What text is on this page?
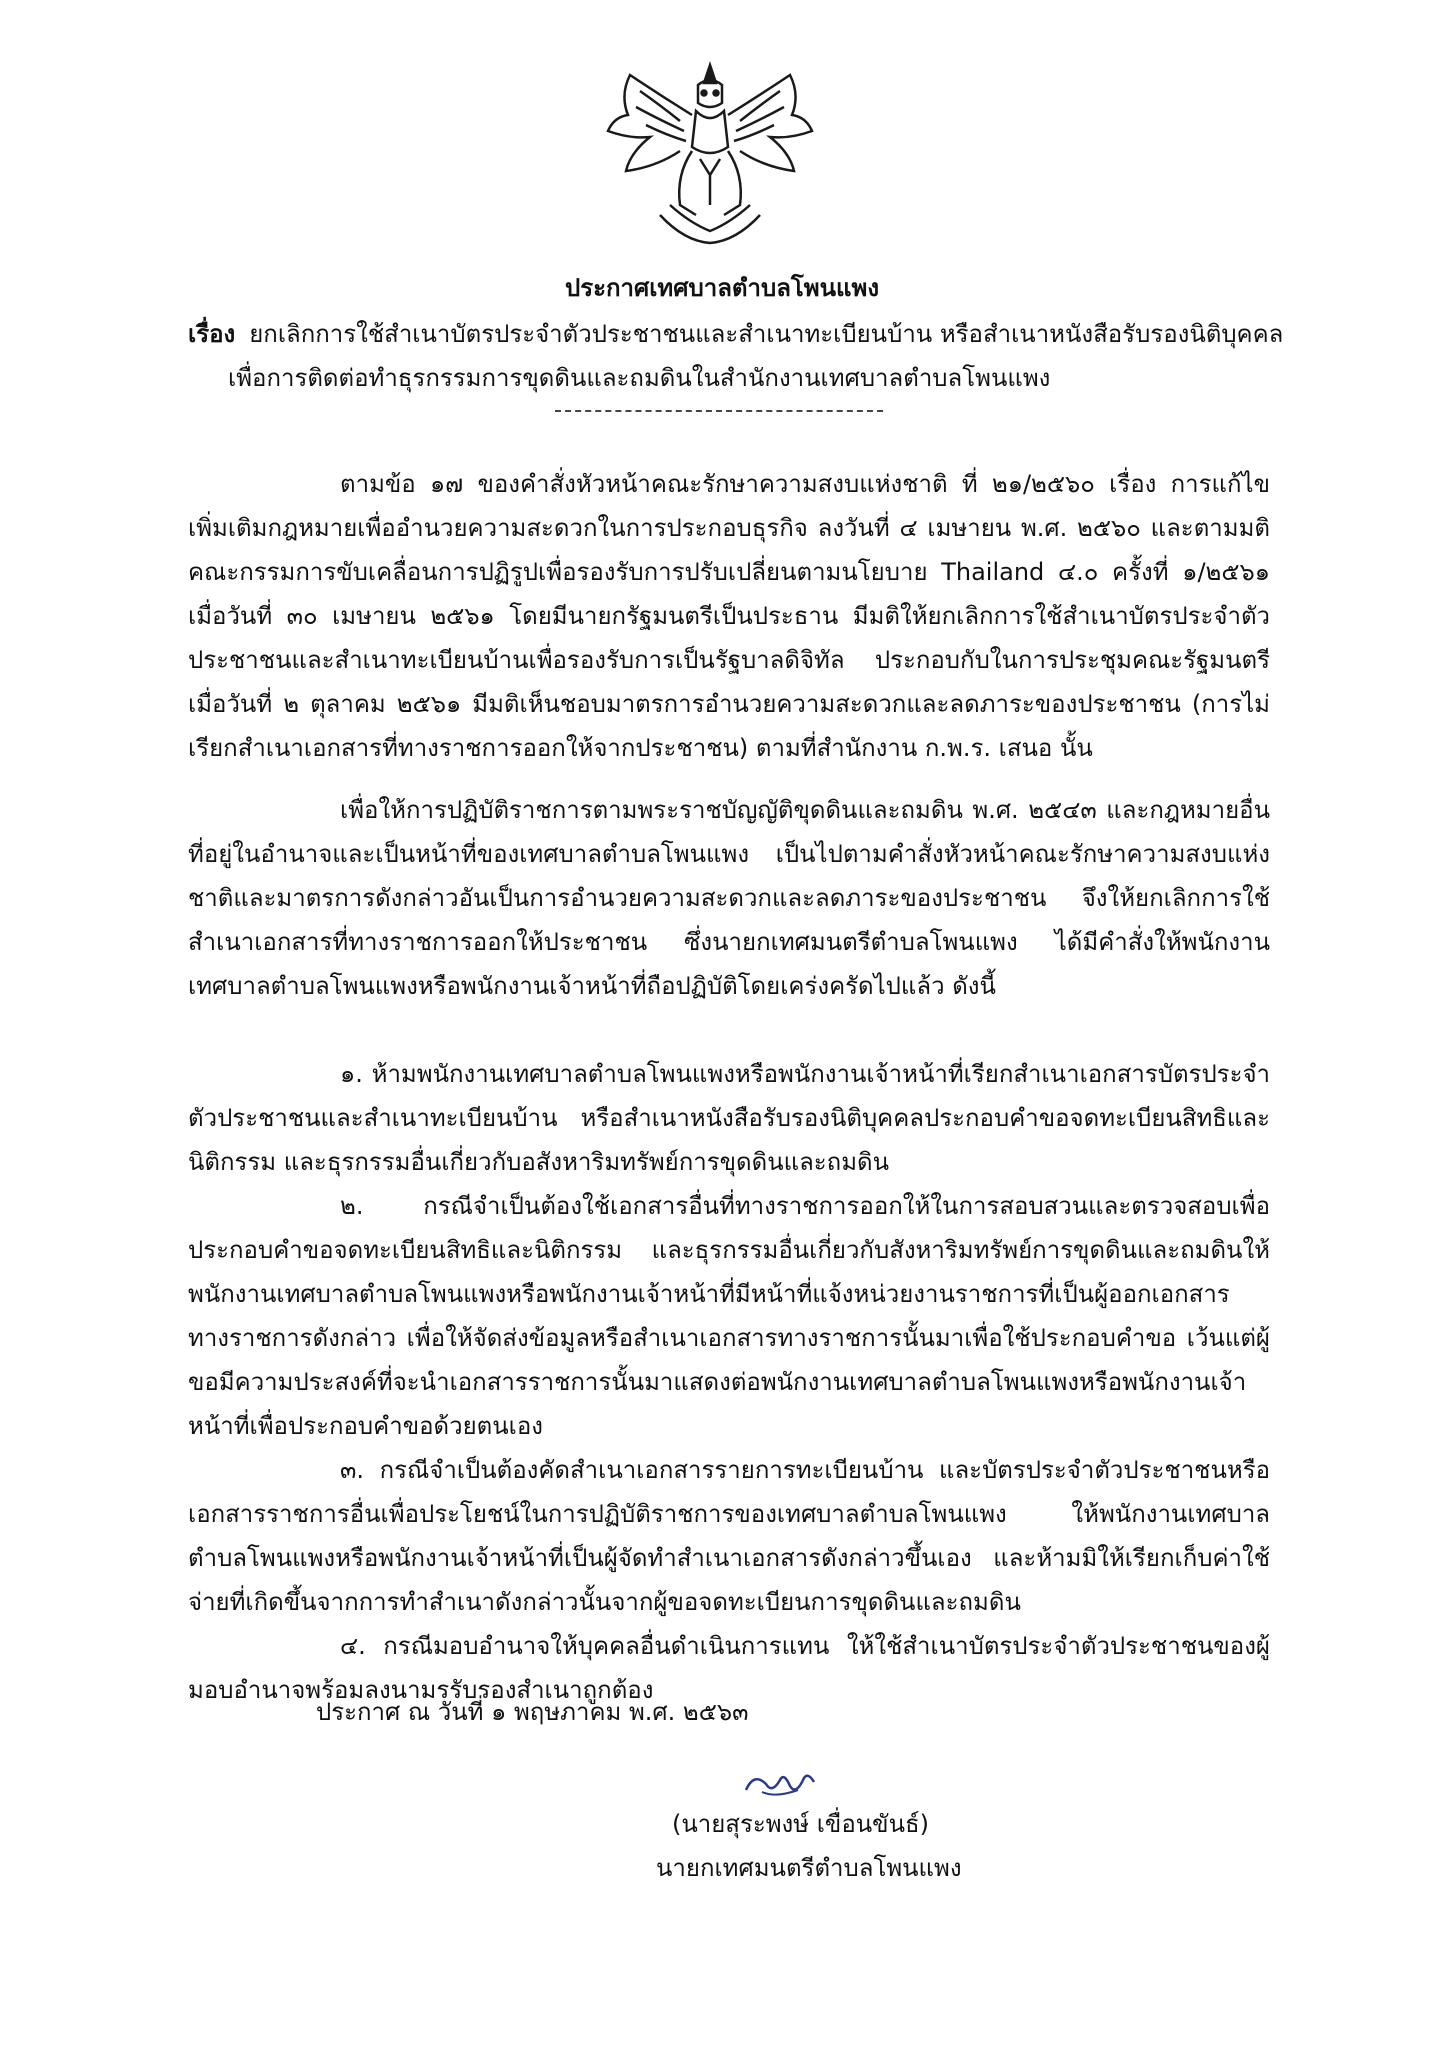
ประกาศเทศบาลตำบลโพนแพง
เรื่อง ยกเลิกการใช้สำเนาบัตรประจำตัวประชาชนและสำเนาทะเบียนบ้าน หรือสำเนาหนังสือรับรองนิติบุคคล
เพื่อการติดต่อทำธุรกรรมการขุดดินและถมดินในสำนักงานเทศบาลตำบลโพนแพง

ตามข้อ ๑๗ ของคำสั่งหัวหน้าคณะรักษาความสงบแห่งชาติ ที่ ๒๑/๒๕๖๐ เรื่อง การแก้ไขเพิ่มเติมกฎหมายเพื่ออำนวยความสะดวกในการประกอบธุรกิจ ลงวันที่ ๔ เมษายน พ.ศ. ๒๕๖๐ และตามมติคณะกรรมการขับเคลื่อนการปฏิรูปเพื่อรองรับการปรับเปลี่ยนตามนโยบาย Thailand ๔.๐ ครั้งที่ ๑/๒๕๖๑ เมื่อวันที่ ๓๐ เมษายน ๒๕๖๑ โดยมีนายกรัฐมนตรีเป็นประธาน มีมติให้ยกเลิกการใช้สำเนาบัตรประจำตัวประชาชนและสำเนาทะเบียนบ้านเพื่อรองรับการเป็นรัฐบาลดิจิทัล ประกอบกับในการประชุมคณะรัฐมนตรีเมื่อวันที่ ๒ ตุลาคม ๒๕๖๑ มีมติเห็นชอบมาตรการอำนวยความสะดวกและลดภาระของประชาชน (การไม่เรียกสำเนาเอกสารที่ทางราชการออกให้จากประชาชน) ตามที่สำนักงาน ก.พ.ร. เสนอ นั้น

เพื่อให้การปฏิบัติราชการตามพระราชบัญญัติขุดดินและถมดิน พ.ศ. ๒๕๔๓ และกฎหมายอื่นที่อยู่ในอำนาจและเป็นหน้าที่ของเทศบาลตำบลโพนแพง เป็นไปตามคำสั่งหัวหน้าคณะรักษาความสงบแห่งชาติและมาตรการดังกล่าวอันเป็นการอำนวยความสะดวกและลดภาระของประชาชน จึงให้ยกเลิกการใช้สำเนาเอกสารที่ทางราชการออกให้ประชาชน ซึ่งนายกเทศมนตรีตำบลโพนแพง ได้มีคำสั่งให้พนักงานเทศบาลตำบลโพนแพงหรือพนักงานเจ้าหน้าที่ถือปฏิบัติโดยเคร่งครัดไปแล้ว ดังนี้

๑. ห้ามพนักงานเทศบาลตำบลโพนแพงหรือพนักงานเจ้าหน้าที่เรียกสำเนาเอกสารบัตรประจำตัวประชาชนและสำเนาทะเบียนบ้าน หรือสำเนาหนังสือรับรองนิติบุคคลประกอบคำขอจดทะเบียนสิทธิและนิติกรรม และธุรกรรมอื่นเกี่ยวกับอสังหาริมทรัพย์การขุดดินและถมดิน

๒. กรณีจำเป็นต้องใช้เอกสารอื่นที่ทางราชการออกให้ในการสอบสวนและตรวจสอบเพื่อประกอบคำขอจดทะเบียนสิทธิและนิติกรรม และธุรกรรมอื่นเกี่ยวกับสังหาริมทรัพย์การขุดดินและถมดินให้พนักงานเทศบาลตำบลโพนแพงหรือพนักงานเจ้าหน้าที่มีหน้าที่แจ้งหน่วยงานราชการที่เป็นผู้ออกเอกสารทางราชการดังกล่าว เพื่อให้จัดส่งข้อมูลหรือสำเนาเอกสารทางราชการนั้นมาเพื่อใช้ประกอบคำขอ เว้นแต่ผู้ขอมีความประสงค์ที่จะนำเอกสารราชการนั้นมาแสดงต่อพนักงานเทศบาลตำบลโพนแพงหรือพนักงานเจ้าหน้าที่เพื่อประกอบคำขอด้วยตนเอง

๓. กรณีจำเป็นต้องคัดสำเนาเอกสารรายการทะเบียนบ้าน และบัตรประจำตัวประชาชนหรือเอกสารราชการอื่นเพื่อประโยชน์ในการปฏิบัติราชการของเทศบาลตำบลโพนแพง ให้พนักงานเทศบาลตำบลโพนแพงหรือพนักงานเจ้าหน้าที่เป็นผู้จัดทำสำเนาเอกสารดังกล่าวขึ้นเอง และห้ามมิให้เรียกเก็บค่าใช้จ่ายที่เกิดขึ้นจากการทำสำเนาดังกล่าวนั้นจากผู้ขอจดทะเบียนการขุดดินและถมดิน

๔. กรณีมอบอำนาจให้บุคคลอื่นดำเนินการแทน ให้ใช้สำเนาบัตรประจำตัวประชาชนของผู้มอบอำนาจพร้อมลงนามรรับรองสำเนาถูกต้อง

ประกาศ ณ วันที่ ๑ พฤษภาคม พ.ศ. ๒๕๖๓
(นายสุระพงษ์ เขื่อนขันธ์)
นายกเทศมนตรีตำบลโพนแพง
